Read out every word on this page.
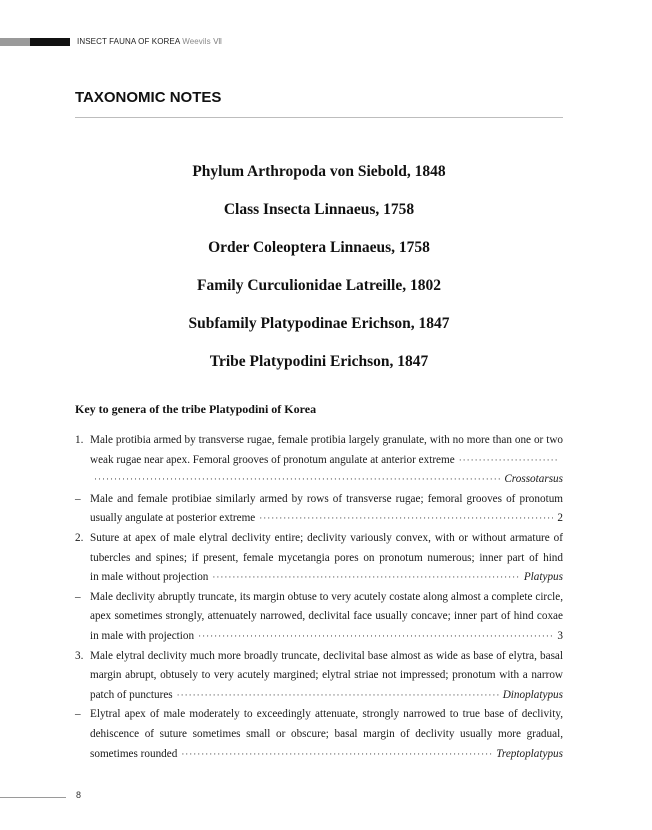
INSECT FAUNA OF KOREA Weevils Ⅶ
TAXONOMIC NOTES
Phylum Arthropoda von Siebold, 1848
Class Insecta Linnaeus, 1758
Order Coleoptera Linnaeus, 1758
Family Curculionidae Latreille, 1802
Subfamily Platypodinae Erichson, 1847
Tribe Platypodini Erichson, 1847
Key to genera of the tribe Platypodini of Korea
1. Male protibia armed by transverse rugae, female protibia largely granulate, with no more than one or two
weak rugae near apex. Femoral grooves of pronotum angulate at anterior extreme
·····
·····
Crossotarsus
– Male and female protibiae similarly armed by rows of transverse rugae; femoral grooves of pronotum
usually angulate at posterior extreme ·····	2
2. Suture at apex of male elytral declivity entire; declivity variously convex, with or without armature of
tubercles and spines; if present, female mycetangia pores on pronotum numerous; inner part of hind
in male without projection ·····	Platypus
– Male declivity abruptly truncate, its margin obtuse to very acutely costate along almost a complete circle,
apex sometimes strongly, attenuately narrowed, declivital face usually concave; inner part of hind coxae
in male with projection ·····	3
3. Male elytral declivity much more broadly truncate, declivital base almost as wide as base of elytra, basal
margin abrupt, obtusely to very acutely margined; elytral striae not impressed; pronotum with a narrow
patch of punctures ·····	Dinoplatypus
– Elytral apex of male moderately to exceedingly attenuate, strongly narrowed to true base of declivity,
dehiscence of suture sometimes small or obscure; basal margin of declivity usually more gradual,
sometimes rounded ·····	Treptoplatypus
8
